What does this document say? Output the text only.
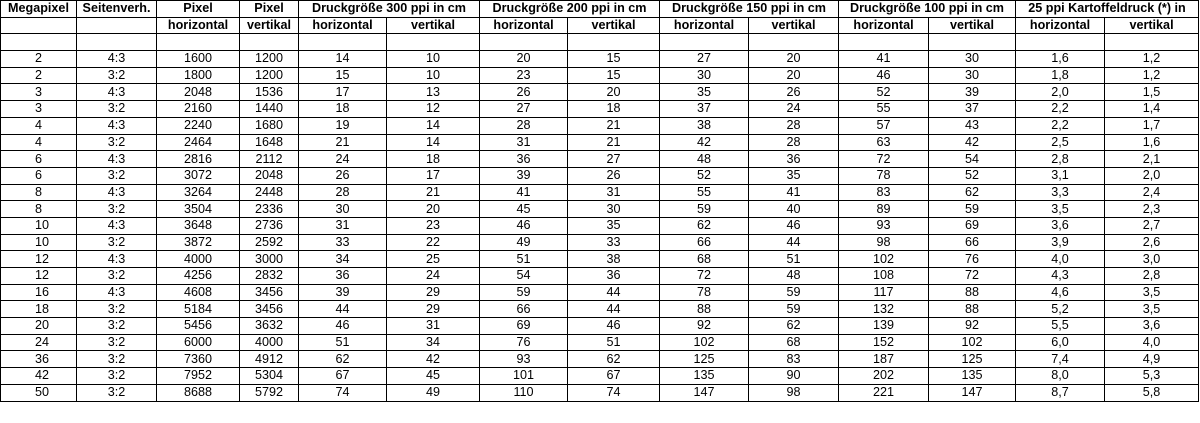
Megapixel	Seitenverh.	Pixel	Pixel	Druckgröße 300 ppi in cm		Druckgröße 200 ppi in cm		Druckgröße 150 ppi in cm		Druckgröße 100 ppi in cm		25 ppi Kartoffeldruck (*) in	
		horizontal	vertikal	horizontal	vertikal	horizontal	vertikal	horizontal	vertikal	horizontal	vertikal	horizontal	vertikal

2	4:3	1600	1200	14	10	20	15	27	20	41	30	1,6	1,2
2	3:2	1800	1200	15	10	23	15	30	20	46	30	1,8	1,2
3	4:3	2048	1536	17	13	26	20	35	26	52	39	2,0	1,5
3	3:2	2160	1440	18	12	27	18	37	24	55	37	2,2	1,4
4	4:3	2240	1680	19	14	28	21	38	28	57	43	2,2	1,7
4	3:2	2464	1648	21	14	31	21	42	28	63	42	2,5	1,6
6	4:3	2816	2112	24	18	36	27	48	36	72	54	2,8	2,1
6	3:2	3072	2048	26	17	39	26	52	35	78	52	3,1	2,0
8	4:3	3264	2448	28	21	41	31	55	41	83	62	3,3	2,4
8	3:2	3504	2336	30	20	45	30	59	40	89	59	3,5	2,3
10	4:3	3648	2736	31	23	46	35	62	46	93	69	3,6	2,7
10	3:2	3872	2592	33	22	49	33	66	44	98	66	3,9	2,6
12	4:3	4000	3000	34	25	51	38	68	51	102	76	4,0	3,0
12	3:2	4256	2832	36	24	54	36	72	48	108	72	4,3	2,8
16	4:3	4608	3456	39	29	59	44	78	59	117	88	4,6	3,5
18	3:2	5184	3456	44	29	66	44	88	59	132	88	5,2	3,5
20	3:2	5456	3632	46	31	69	46	92	62	139	92	5,5	3,6
24	3:2	6000	4000	51	34	76	51	102	68	152	102	6,0	4,0
36	3:2	7360	4912	62	42	93	62	125	83	187	125	7,4	4,9
42	3:2	7952	5304	67	45	101	67	135	90	202	135	8,0	5,3
50	3:2	8688	5792	74	49	110	74	147	98	221	147	8,7	5,8
